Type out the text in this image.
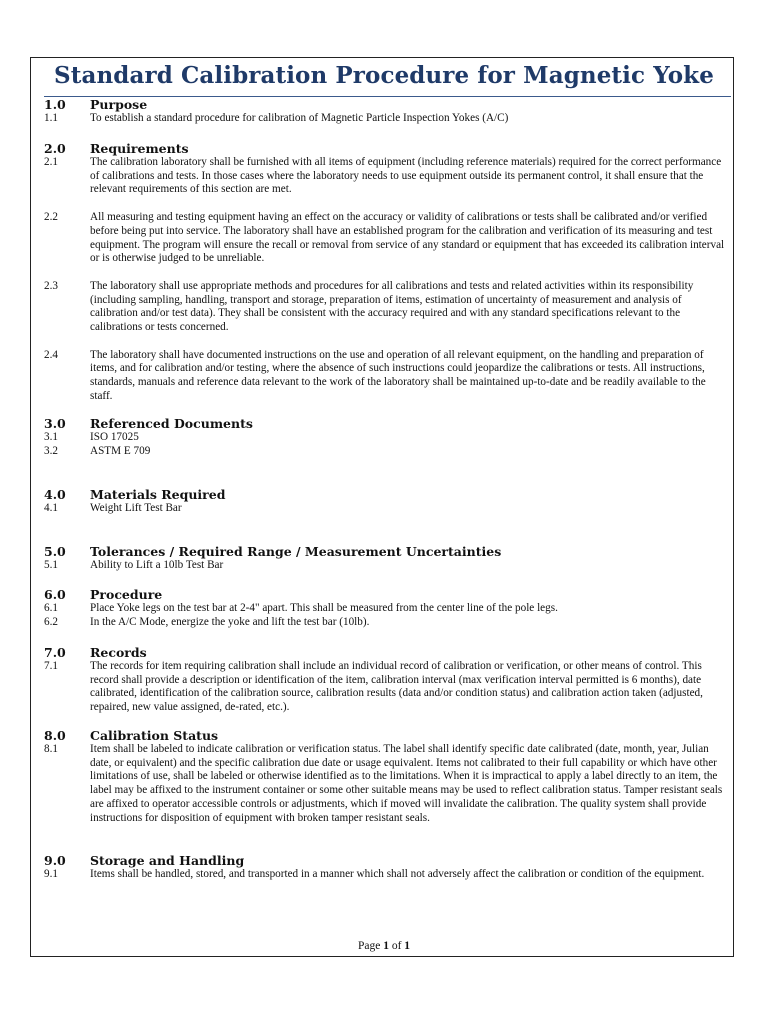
Standard Calibration Procedure for Magnetic Yoke
1.0	Purpose
1.1	To establish a standard procedure for calibration of Magnetic Particle Inspection Yokes (A/C)
2.0	Requirements
2.1	The calibration laboratory shall be furnished with all items of equipment (including reference materials) required for the correct performance of calibrations and tests. In those cases where the laboratory needs to use equipment outside its permanent control, it shall ensure that the relevant requirements of this section are met.
2.2	All measuring and testing equipment having an effect on the accuracy or validity of calibrations or tests shall be calibrated and/or verified before being put into service. The laboratory shall have an established program for the calibration and verification of its measuring and test equipment. The program will ensure the recall or removal from service of any standard or equipment that has exceeded its calibration interval or is otherwise judged to be unreliable.
2.3	The laboratory shall use appropriate methods and procedures for all calibrations and tests and related activities within its responsibility (including sampling, handling, transport and storage, preparation of items, estimation of uncertainty of measurement and analysis of calibration and/or test data). They shall be consistent with the accuracy required and with any standard specifications relevant to the calibrations or tests concerned.
2.4	The laboratory shall have documented instructions on the use and operation of all relevant equipment, on the handling and preparation of items, and for calibration and/or testing, where the absence of such instructions could jeopardize the calibrations or tests. All instructions, standards, manuals and reference data relevant to the work of the laboratory shall be maintained up-to-date and be readily available to the staff.
3.0	Referenced Documents
3.1	ISO 17025
3.2	ASTM E 709
4.0	Materials Required
4.1	Weight Lift Test Bar
5.0	Tolerances / Required Range / Measurement Uncertainties
5.1	Ability to Lift a 10lb Test Bar
6.0	Procedure
6.1	Place Yoke legs on the test bar at 2-4" apart. This shall be measured from the center line of the pole legs.
6.2	In the A/C Mode, energize the yoke and lift the test bar (10lb).
7.0	Records
7.1	The records for item requiring calibration shall include an individual record of calibration or verification, or other means of control. This record shall provide a description or identification of the item, calibration interval (max verification interval permitted is 6 months), date calibrated, identification of the calibration source, calibration results (data and/or condition status) and calibration action taken (adjusted, repaired, new value assigned, de-rated, etc.).
8.0	Calibration Status
8.1	Item shall be labeled to indicate calibration or verification status. The label shall identify specific date calibrated (date, month, year, Julian date, or equivalent) and the specific calibration due date or usage equivalent. Items not calibrated to their full capability or which have other limitations of use, shall be labeled or otherwise identified as to the limitations. When it is impractical to apply a label directly to an item, the label may be affixed to the instrument container or some other suitable means may be used to reflect calibration status. Tamper resistant seals are affixed to operator accessible controls or adjustments, which if moved will invalidate the calibration. The quality system shall provide instructions for disposition of equipment with broken tamper resistant seals.
9.0	Storage and Handling
9.1	Items shall be handled, stored, and transported in a manner which shall not adversely affect the calibration or condition of the equipment.
Page 1 of 1
